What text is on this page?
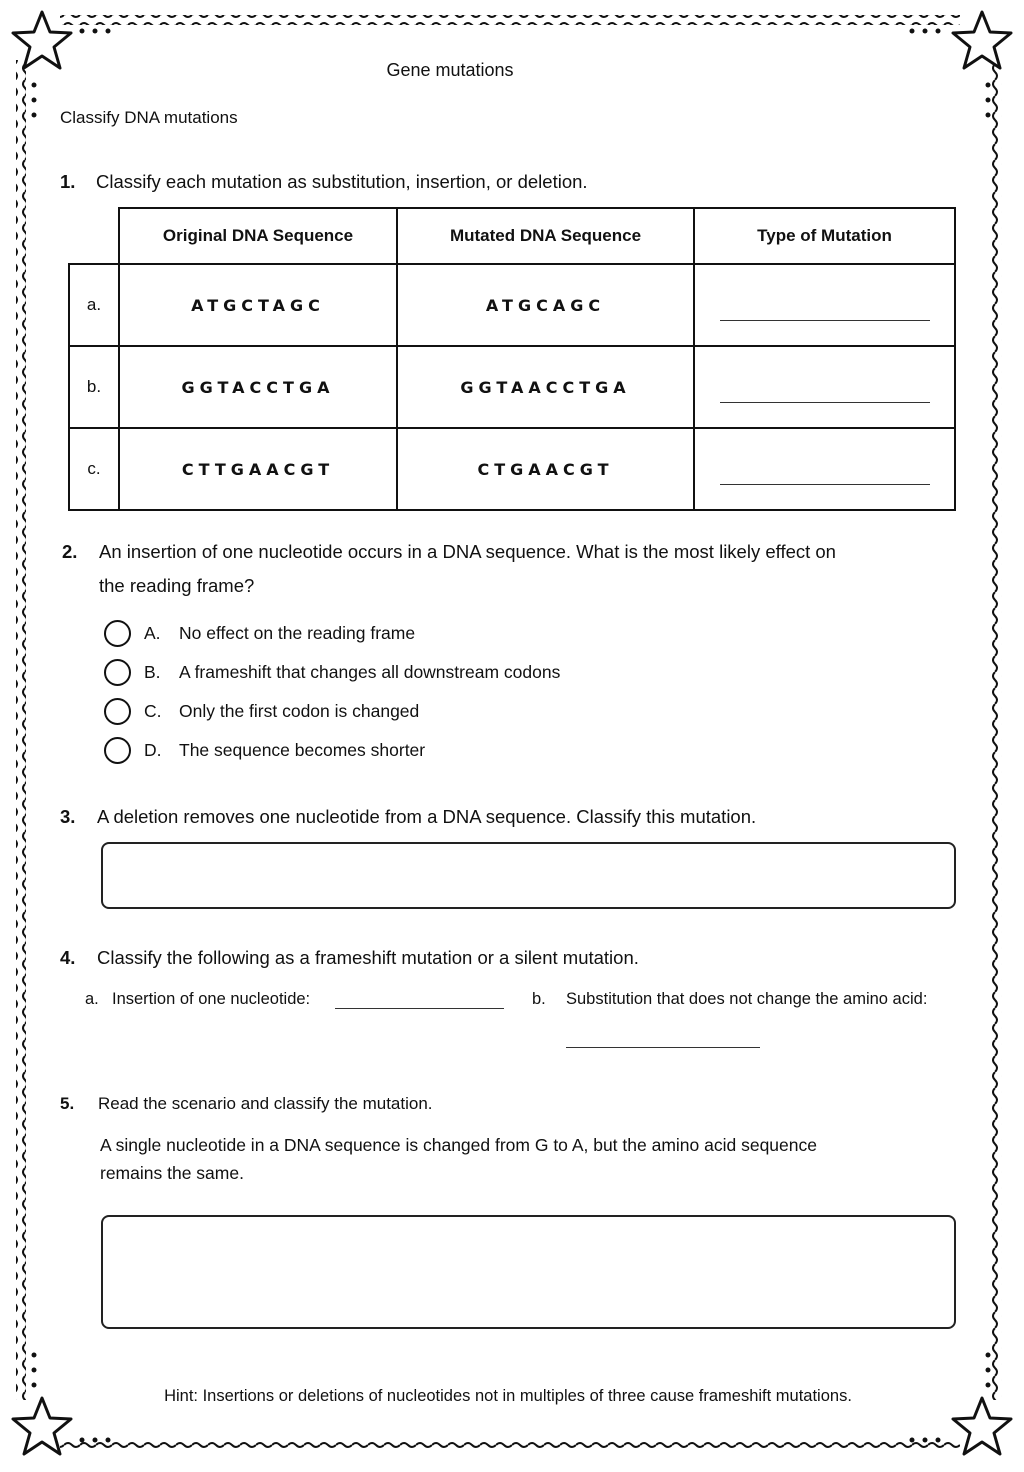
Gene mutations
Classify DNA mutations
1. Classify each mutation as substitution, insertion, or deletion.
	Original DNA Sequence	Mutated DNA Sequence	Type of Mutation
a.	ATGCTAGC	ATGCAGC	
b.	GGTACCTGA	GGTAACCTGA	
c.	CTTGAACGT	CTGAACGT	
2. An insertion of one nucleotide occurs in a DNA sequence. What is the most likely effect on
the reading frame?
A. No effect on the reading frame
B. A frameshift that changes all downstream codons
C. Only the first codon is changed
D. The sequence becomes shorter
3. A deletion removes one nucleotide from a DNA sequence. Classify this mutation.
4. Classify the following as a frameshift mutation or a silent mutation.
a. Insertion of one nucleotide:	b. Substitution that does not change the amino acid:
5. Read the scenario and classify the mutation.
A single nucleotide in a DNA sequence is changed from G to A, but the amino acid sequence
remains the same.
Hint: Insertions or deletions of nucleotides not in multiples of three cause frameshift mutations.
